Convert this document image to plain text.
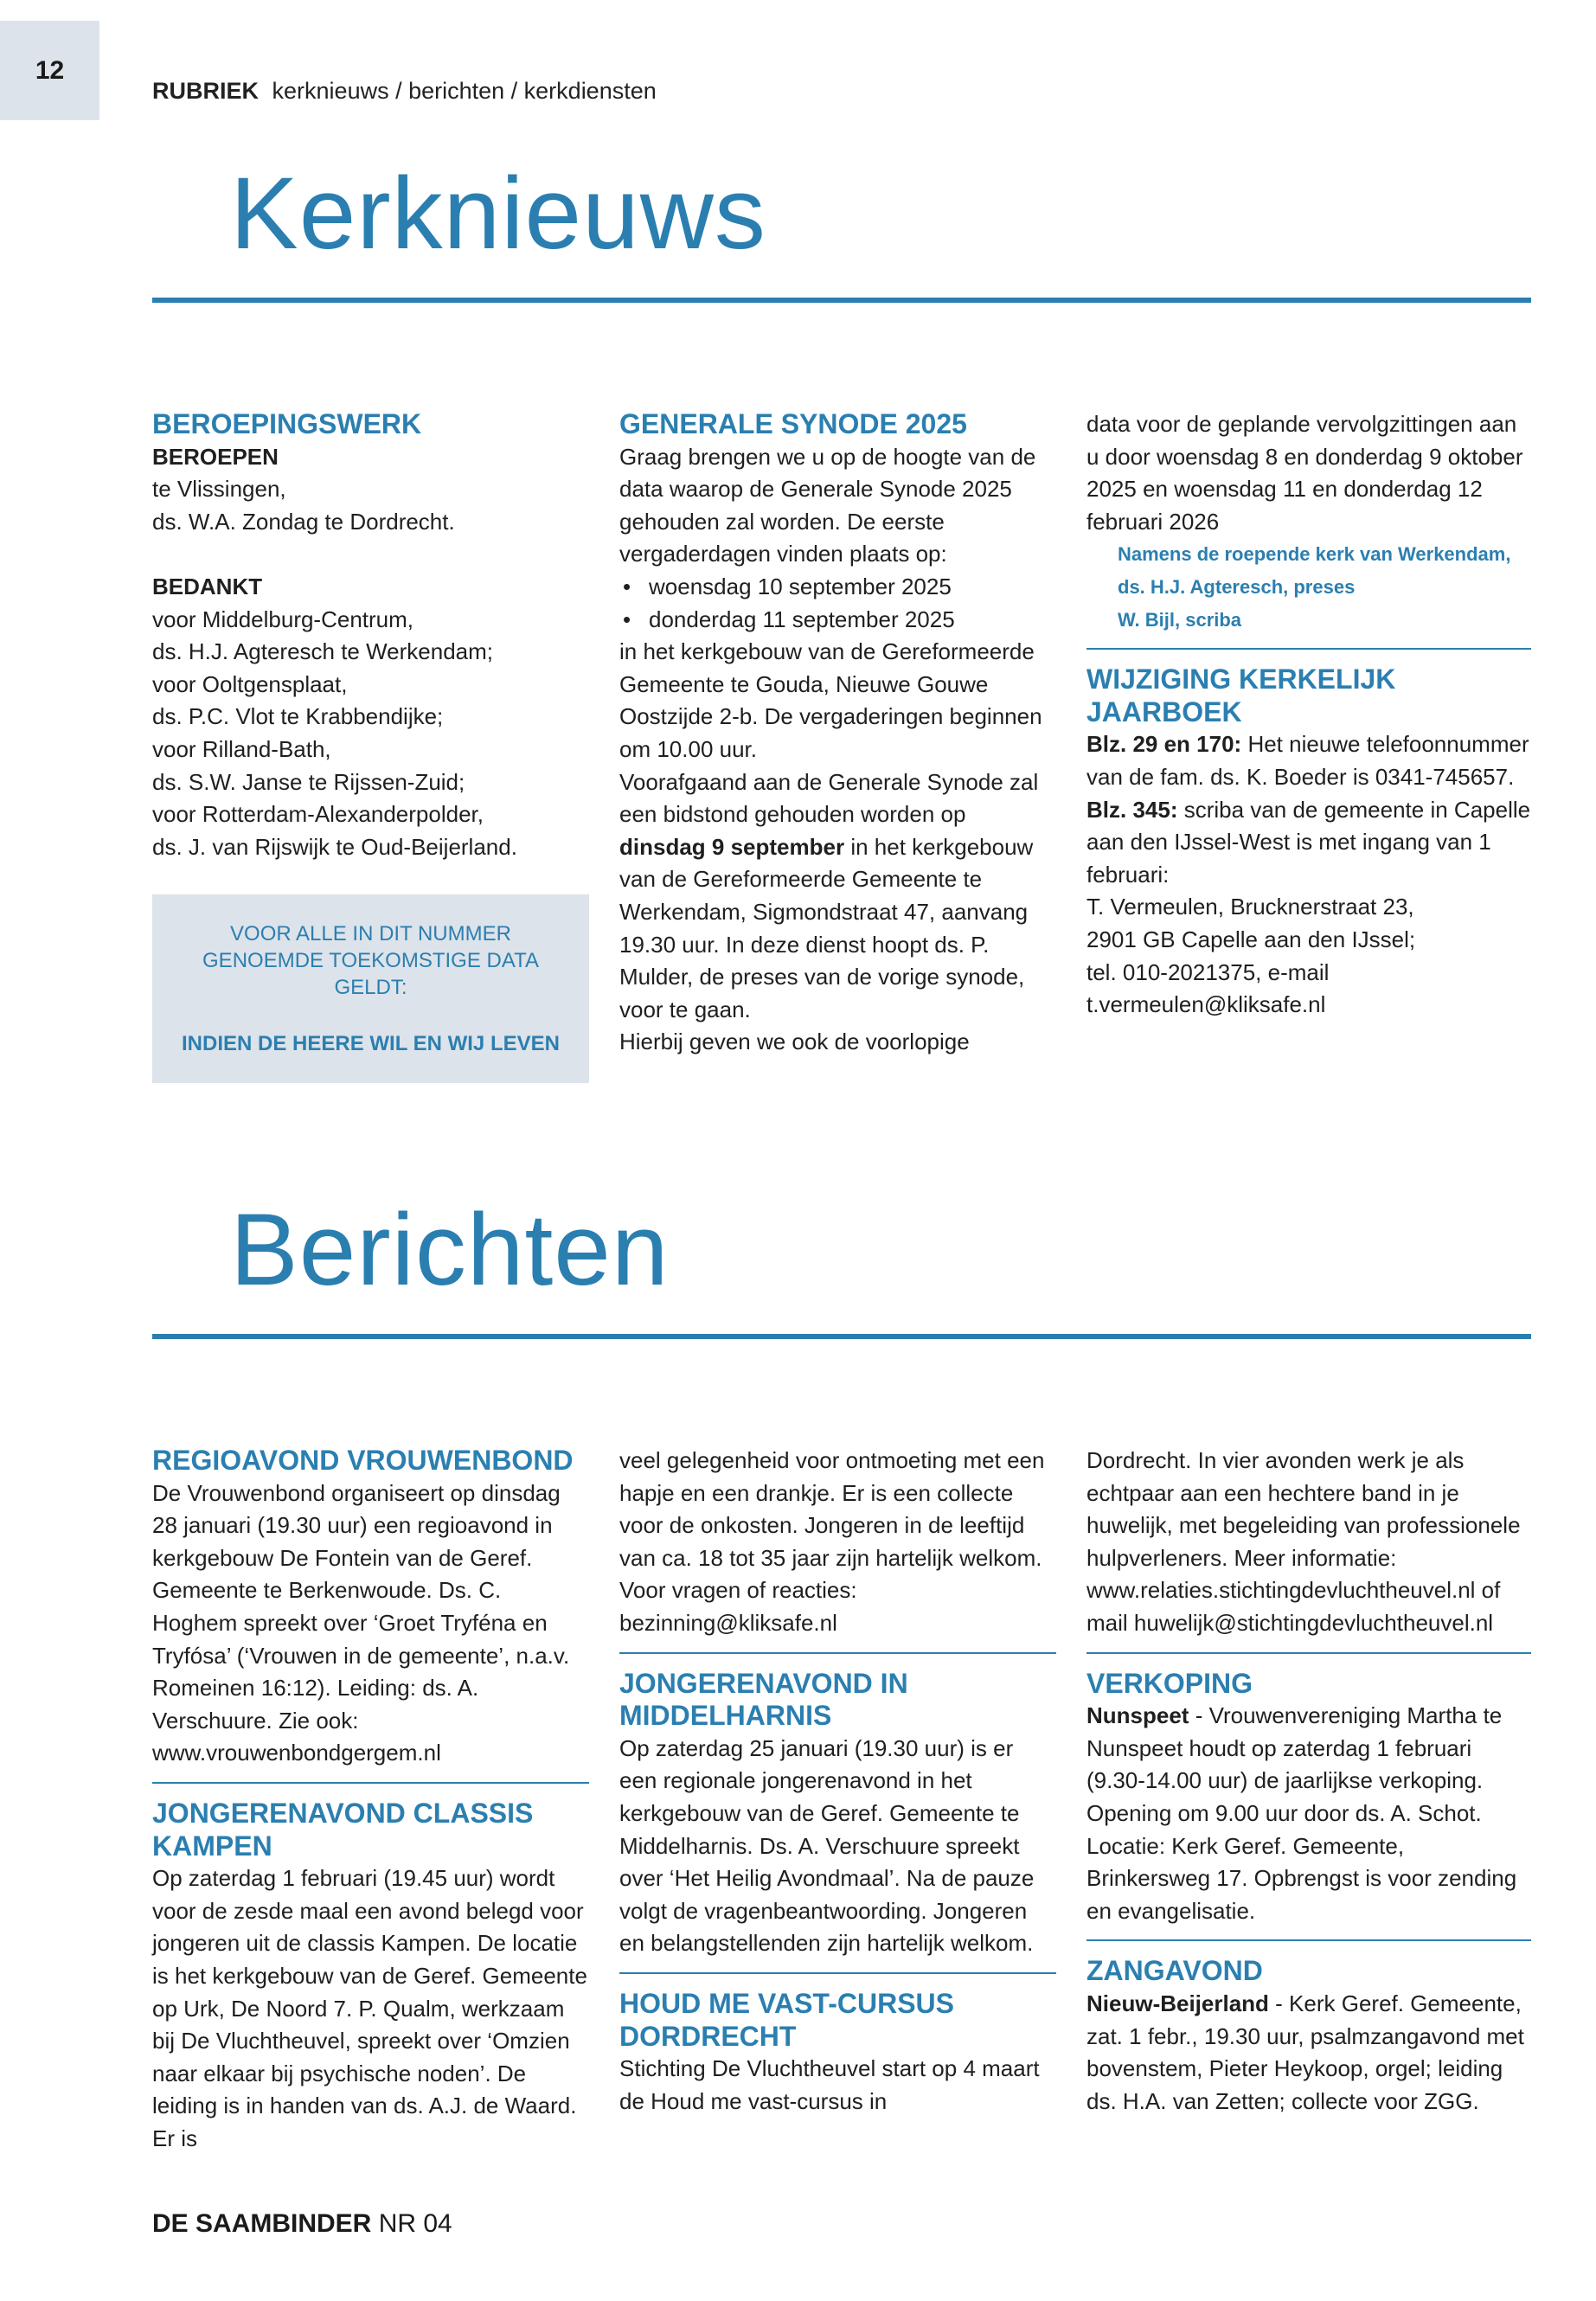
12
RUBRIEK kerknieuws / berichten / kerkdiensten
Kerknieuws

BEROEPINGSWERK

BEROEPEN

te Vlissingen,

ds. W.A. Zondag te Dordrecht.

BEDANKT

voor Middelburg-Centrum,

ds. H.J. Agteresch te Werkendam;

voor Ooltgensplaat,

ds. P.C. Vlot te Krabbendijke;

voor Rilland-Bath,

ds. S.W. Janse te Rijssen-Zuid;

voor Rotterdam-Alexanderpolder,

ds. J. van Rijswijk te Oud-Beijerland.

VOOR ALLE IN DIT NUMMER GENOEMDE TOEKOMSTIGE DATA GELDT:
INDIEN DE HEERE WIL EN WIJ LEVEN

GENERALE SYNODE 2025

Graag brengen we u op de hoogte van de data waarop de Generale Synode 2025 gehouden zal worden. De eerste vergaderdagen vinden plaats op:

• woensdag 10 september 2025
• donderdag 11 september 2025

in het kerkgebouw van de Gereformeerde Gemeente te Gouda, Nieuwe Gouwe Oostzijde 2-b. De vergaderingen beginnen om 10.00 uur.

Voorafgaand aan de Generale Synode zal een bidstond gehouden worden op dinsdag 9 september in het kerkgebouw van de Gereformeerde Gemeente te Werkendam, Sigmondstraat 47, aanvang 19.30 uur. In deze dienst hoopt ds. P. Mulder, de preses van de vorige synode, voor te gaan.

Hierbij geven we ook de voorlopige

data voor de geplande vervolgzittingen aan u door woensdag 8 en donderdag 9 oktober 2025 en woensdag 11 en donderdag 12 februari 2026

Namens de roepende kerk van Werkendam,

ds. H.J. Agteresch, preses

W. Bijl, scriba

WIJZIGING KERKELIJK JAARBOEK

Blz. 29 en 170: Het nieuwe telefoonnummer van de fam. ds. K. Boeder is 0341-745657.

Blz. 345: scriba van de gemeente in Capelle aan den IJssel-West is met ingang van 1 februari:

T. Vermeulen, Brucknerstraat 23,

2901 GB Capelle aan den IJssel;

tel. 010-2021375, e-mail

t.vermeulen@kliksafe.nl

Berichten

REGIOAVOND VROUWENBOND

De Vrouwenbond organiseert op dinsdag 28 januari (19.30 uur) een regioavond in kerkgebouw De Fontein van de Geref. Gemeente te Berkenwoude. Ds. C. Hoghem spreekt over ‘Groet Tryféna en Tryfósa’ (‘Vrouwen in de gemeente’, n.a.v. Romeinen 16:12). Leiding: ds. A. Verschuure. Zie ook: www.vrouwenbondgergem.nl

JONGERENAVOND CLASSIS KAMPEN

Op zaterdag 1 februari (19.45 uur) wordt voor de zesde maal een avond belegd voor jongeren uit de classis Kampen. De locatie is het kerkgebouw van de Geref. Gemeente op Urk, De Noord 7. P. Qualm, werkzaam bij De Vluchtheuvel, spreekt over ‘Omzien naar elkaar bij psychische noden’. De leiding is in handen van ds. A.J. de Waard. Er is

veel gelegenheid voor ontmoeting met een hapje en een drankje. Er is een collecte voor de onkosten. Jongeren in de leeftijd van ca. 18 tot 35 jaar zijn hartelijk welkom. Voor vragen of reacties: bezinning@kliksafe.nl

JONGERENAVOND IN MIDDELHARNIS

Op zaterdag 25 januari (19.30 uur) is er een regionale jongerenavond in het kerkgebouw van de Geref. Gemeente te Middelharnis. Ds. A. Verschuure spreekt over ‘Het Heilig Avondmaal’. Na de pauze volgt de vragenbeantwoording. Jongeren en belangstellenden zijn hartelijk welkom.

HOUD ME VAST-CURSUS DORDRECHT

Stichting De Vluchtheuvel start op 4 maart de Houd me vast-cursus in

Dordrecht. In vier avonden werk je als echtpaar aan een hechtere band in je huwelijk, met begeleiding van professionele hulpverleners. Meer informatie: www.relaties.stichtingdevluchtheuvel.nl of mail huwelijk@stichtingdevluchtheuvel.nl

VERKOPING

Nunspeet - Vrouwenvereniging Martha te Nunspeet houdt op zaterdag 1 februari (9.30-14.00 uur) de jaarlijkse verkoping. Opening om 9.00 uur door ds. A. Schot. Locatie: Kerk Geref. Gemeente, Brinkersweg 17. Opbrengst is voor zending en evangelisatie.

ZANGAVOND

Nieuw-Beijerland - Kerk Geref. Gemeente, zat. 1 febr., 19.30 uur, psalmzangavond met bovenstem, Pieter Heykoop, orgel; leiding ds. H.A. van Zetten; collecte voor ZGG.

DE SAAMBINDER NR 04
